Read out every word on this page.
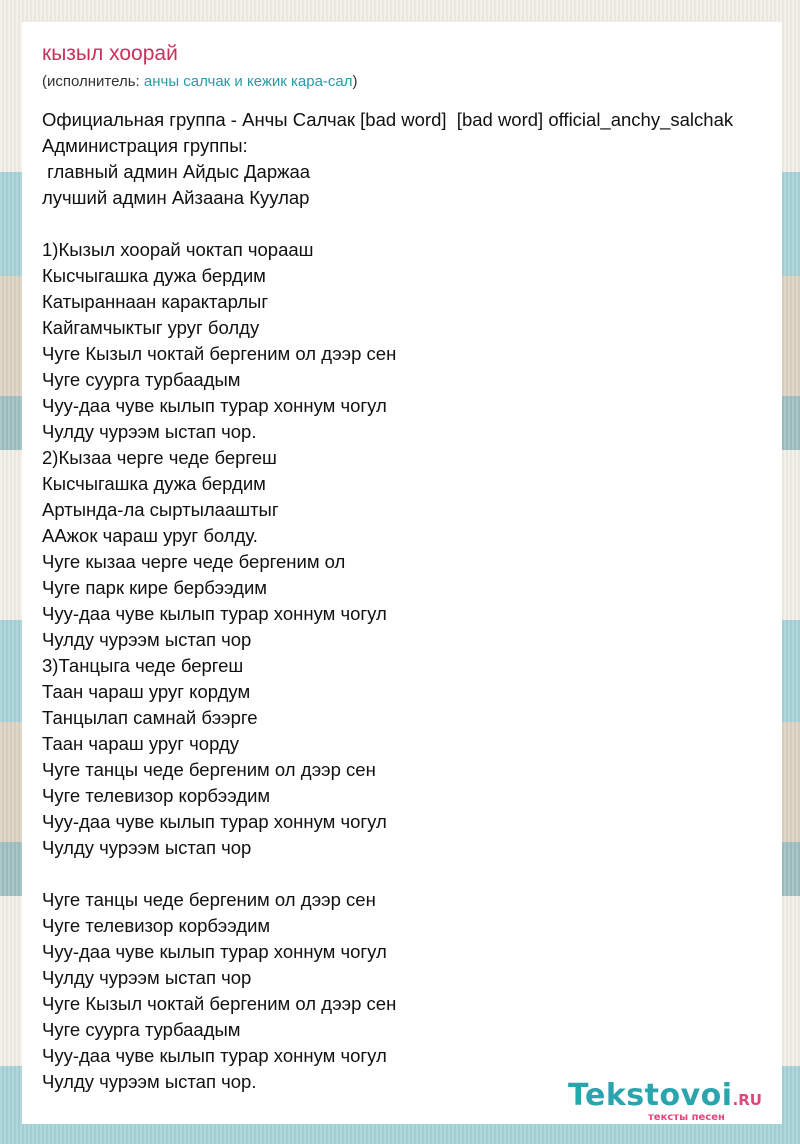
кызыл хоорай
(исполнитель: анчы салчак и кежик кара-сал)
Официальная группа - Анчы Салчак [bad word]  [bad word] official_anchy_salchak
Администрация группы:
главный админ Айдыс Даржаа
лучший админ Айзаана Куулар

1)Кызыл хоорай чоктап чорааш
Кысчыгашка дужа бердим
Катыраннаан карактарлыг
Кайгамчыктыг уруг болду
Чуге Кызыл чоктай бергеним ол дээр сен
Чуге суурга турбаадым
Чуу-даа чуве кылып турар хоннум чогул
Чулду чурээм ыстап чор.
2)Кызаа черге чеде бергеш
Кысчыгашка дужа бердим
Артында-ла сыртылааштыг
ААжок чараш уруг болду.
Чуге кызаа черге чеде бергеним ол
Чуге парк кире бербээдим
Чуу-даа чуве кылып турар хоннум чогул
Чулду чурээм ыстап чор
3)Танцыга чеде бергеш
Таан чараш уруг кордум
Танцылап самнай бээрге
Таан чараш уруг чорду
Чуге танцы чеде бергеним ол дээр сен
Чуге телевизор корбээдим
Чуу-даа чуве кылып турар хоннум чогул
Чулду чурээм ыстап чор

Чуге танцы чеде бергеним ол дээр сен
Чуге телевизор корбээдим
Чуу-даа чуве кылып турар хоннум чогул
Чулду чурээм ыстап чор
Чуге Кызыл чоктай бергеним ол дээр сен
Чуге суурга турбаадым
Чуу-даа чуве кылып турар хоннум чогул
Чулду чурээм ыстап чор.	Tekstovoi.RU
тексты песен
